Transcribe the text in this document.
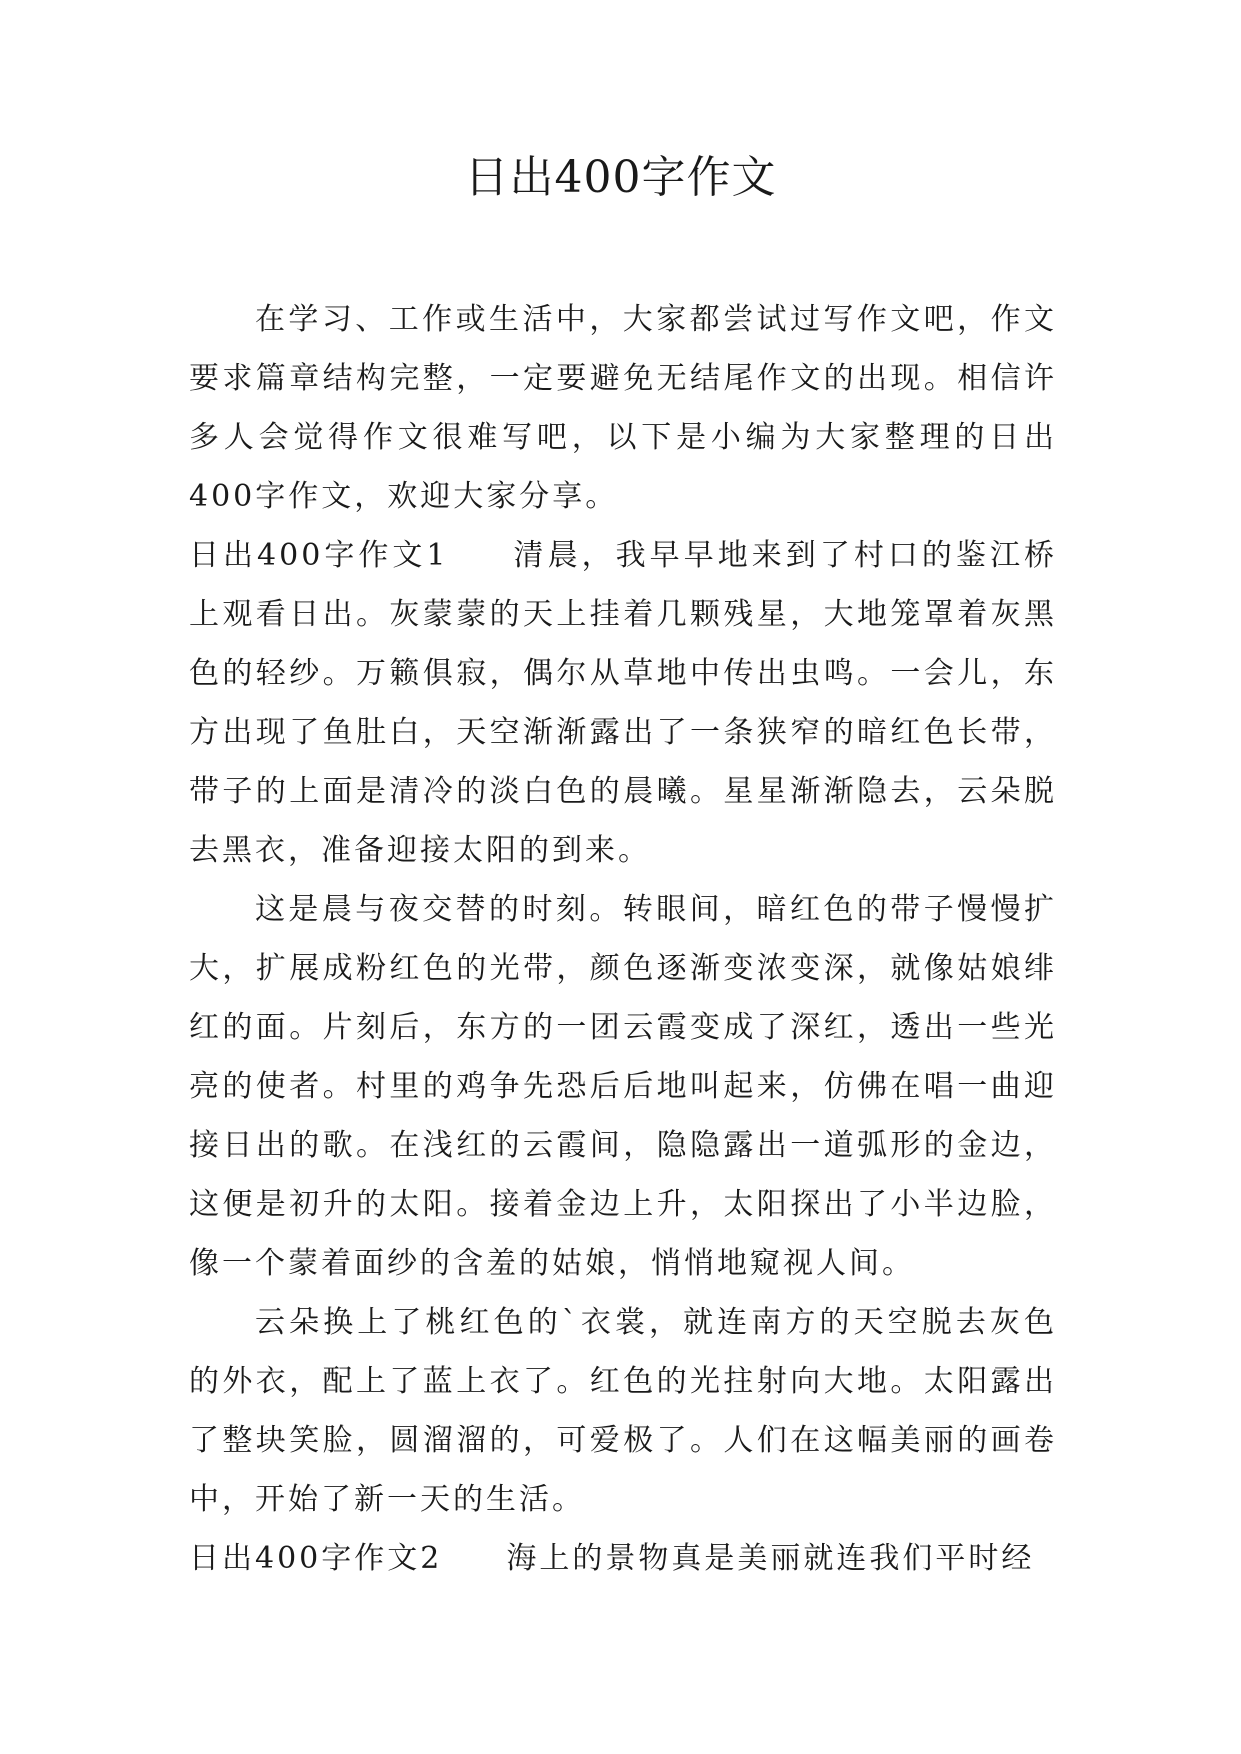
日出400字作文

在学习、工作或生活中，大家都尝试过写作文吧，作文要求篇章结构完整，一定要避免无结尾作文的出现。相信许多人会觉得作文很难写吧，以下是小编为大家整理的日出400字作文，欢迎大家分享。

日出400字作文1 清晨，我早早地来到了村口的鉴江桥上观看日出。灰蒙蒙的天上挂着几颗残星，大地笼罩着灰黑色的轻纱。万籁俱寂，偶尔从草地中传出虫鸣。一会儿，东方出现了鱼肚白，天空渐渐露出了一条狭窄的暗红色长带，带子的上面是清冷的淡白色的晨曦。星星渐渐隐去，云朵脱去黑衣，准备迎接太阳的到来。

这是晨与夜交替的时刻。转眼间，暗红色的带子慢慢扩大，扩展成粉红色的光带，颜色逐渐变浓变深，就像姑娘绯红的面。片刻后，东方的一团云霞变成了深红，透出一些光亮的使者。村里的鸡争先恐后后地叫起来，仿佛在唱一曲迎接日出的歌。在浅红的云霞间，隐隐露出一道弧形的金边，这便是初升的太阳。接着金边上升，太阳探出了小半边脸，像一个蒙着面纱的含羞的姑娘，悄悄地窥视人间。

云朵换上了桃红色的`衣裳，就连南方的天空脱去灰色的外衣，配上了蓝上衣了。红色的光拄射向大地。太阳露出了整块笑脸，圆溜溜的，可爱极了。人们在这幅美丽的画卷中，开始了新一天的生活。

日出400字作文2 海上的景物真是美丽就连我们平时经
